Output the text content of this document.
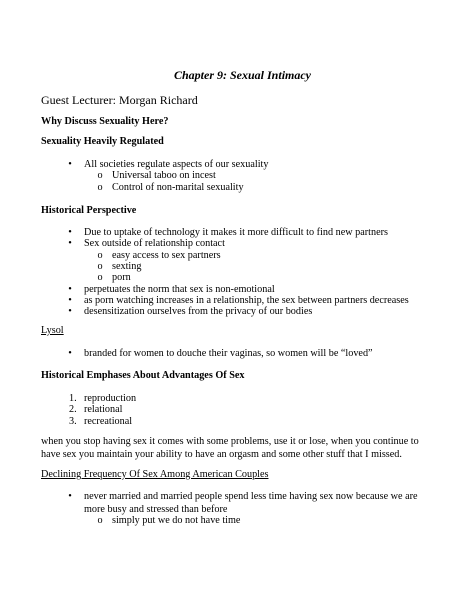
Chapter 9: Sexual Intimacy
Guest Lecturer: Morgan Richard
Why Discuss Sexuality Here?
Sexuality Heavily Regulated
• All societies regulate aspects of our sexuality
o Universal taboo on incest
o Control of non-marital sexuality
Historical Perspective
• Due to uptake of technology it makes it more difficult to find new partners
• Sex outside of relationship contact
o easy access to sex partners
o sexting
o porn
• perpetuates the norm that sex is non-emotional
• as porn watching increases in a relationship, the sex between partners decreases
• desensitization ourselves from the privacy of our bodies
Lysol
• branded for women to douche their vaginas, so women will be “loved”
Historical Emphases About Advantages Of Sex
1. reproduction
2. relational
3. recreational
when you stop having sex it comes with some problems, use it or lose, when you continue to have sex you maintain your ability to have an orgasm and some other stuff that I missed.
Declining Frequency Of Sex Among American Couples
• never married and married people spend less time having sex now because we are more busy and stressed than before
o simply put we do not have time
